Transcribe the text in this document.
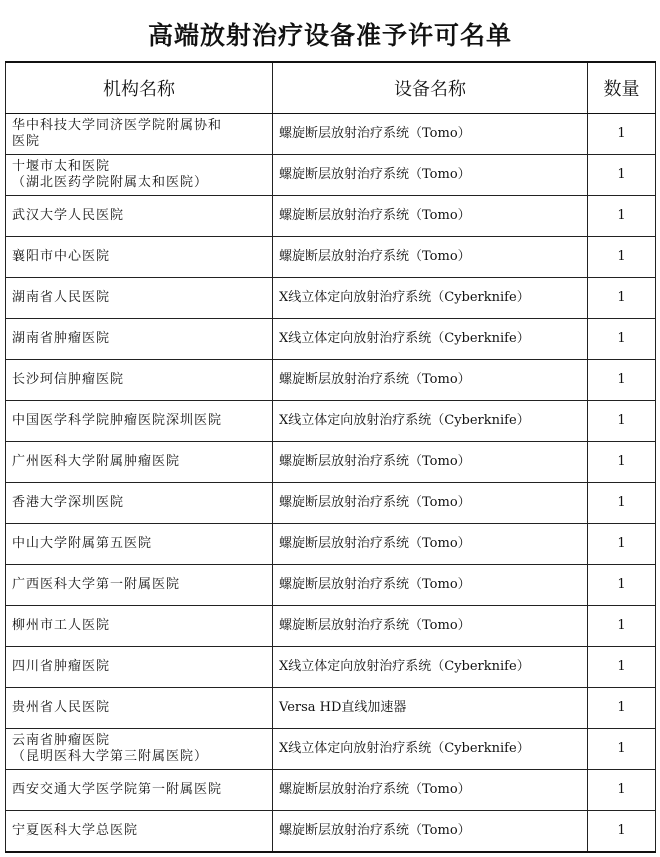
高端放射治疗设备准予许可名单
机构名称	设备名称	数量
华中科技大学同济医学院附属协和
医院	螺旋断层放射治疗系统（Tomo）	1
十堰市太和医院
（湖北医药学院附属太和医院）	螺旋断层放射治疗系统（Tomo）	1
武汉大学人民医院	螺旋断层放射治疗系统（Tomo）	1
襄阳市中心医院	螺旋断层放射治疗系统（Tomo）	1
湖南省人民医院	X线立体定向放射治疗系统（Cyberknife）	1
湖南省肿瘤医院	X线立体定向放射治疗系统（Cyberknife）	1
长沙珂信肿瘤医院	螺旋断层放射治疗系统（Tomo）	1
中国医学科学院肿瘤医院深圳医院	X线立体定向放射治疗系统（Cyberknife）	1
广州医科大学附属肿瘤医院	螺旋断层放射治疗系统（Tomo）	1
香港大学深圳医院	螺旋断层放射治疗系统（Tomo）	1
中山大学附属第五医院	螺旋断层放射治疗系统（Tomo）	1
广西医科大学第一附属医院	螺旋断层放射治疗系统（Tomo）	1
柳州市工人医院	螺旋断层放射治疗系统（Tomo）	1
四川省肿瘤医院	X线立体定向放射治疗系统（Cyberknife）	1
贵州省人民医院	Versa HD直线加速器	1
云南省肿瘤医院
（昆明医科大学第三附属医院）	X线立体定向放射治疗系统（Cyberknife）	1
西安交通大学医学院第一附属医院	螺旋断层放射治疗系统（Tomo）	1
宁夏医科大学总医院	螺旋断层放射治疗系统（Tomo）	1
